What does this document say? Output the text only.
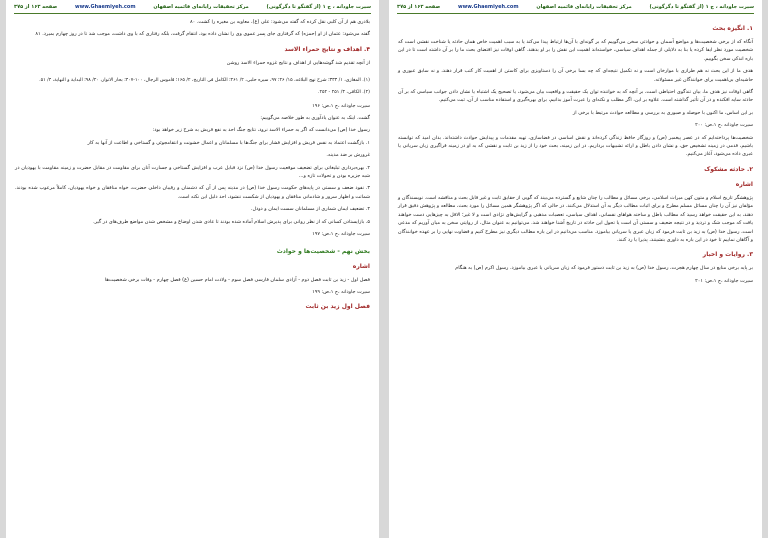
سیرت جاودانه ، ج ۱ (از گفتگو تا دگرگونی)
مرکز تحقیقات رایانه‌ای قائمیه اصفهان
www.Ghaemiyeh.com
صفحه ۱۶۳ از ۳۷۵
۱. انگیزه بحث

آنگاه که از برخی شخصیت‌ها و مواضع آسمان و حوادثی سخن می‌گوییم که بر گونه‌ای با آن‌ها ارتباط پیدا می‌کند یا به سبب اهمیت خاص همان حادثه یا شناخت نقشی است که شخصیت مورد نظر ایفا کرده یا بنا به دلایلی از جمله اهداف سیاسی، خواسته‌اند اهمیت این نقش را بر او بدهند. گاهی اوقات نیز اقتضای بحث ما را بر آن داشته است تا در این باره اندکی سخن بگوییم.

هدف ما از این بحث نه هم طرازی با موارخان است و نه تکمیل نتیجه‌ای که چه بسا برخی آن را دستاویزی برای کاستن از اهمیت کار کتب قرار دهند، و نه سابق عبوری و حاشیه‌ای بی‌اهمیت برای خوانندگان غیر مسئولانه.

گاهی اوقات نیز هدف ما، بیان تندگوی احتیاطی است، بر آنچه که به خواننده توان یک حقیقت و واقعیت بیان می‌شود، یا تصحیح یک اشتباه یا نشان دادن جوانب سیاسی که بر آن حادثه سایه افکنده و در آن تأثیر گذاشته است. علاوه بر این، اگر مطلب و نکته‌ای را عبرت آموز بدانیم، برای بهره‌گیری و استفاده مناسب از آن، ثبت می‌کنیم.

بر این اساس، ما اکنون با حوصله و صبوری به بررسی و مطالعه حوادث مرتبط با برخی از

سیرت جاودانه ،ج ۱،ص: ۲۰۰

شخصیت‌ها پرداخته‌ایم که در عصر پیغمبر (ص) و روزگار حافظ زندگی کرده‌اند و نقش اساسی در فضاسازی، تهیه مقدمات و پیدایش حوادث داشته‌اند. بدان امید که توانسته باشیم، قدمی در زمینه تشخیص حق، و نشان دادن باطل و ارائه تشبیهات برداریم. در این زمینه، بحث خود را از زید بن ثابت و نقشی که به او در زمینه فراگیری زبان سریانی یا عبری داده می‌شود، آغاز می‌کنیم.

۲. حادثه مشکوک
اشاره

پژوهشگر تاریخ اسلام و متون کهن میراث اسلامی، برخی مسائل و مطالب را چنان شایع و گسترده می‌بیند که گویی از حقایق ثابت و غیر قابل بحث و مناقشه است. نویسندگان و مؤلفان نیز آن را چنان مسائل مسلم مطرح و برای اثبات مطالب دیگر به آن استدلال می‌کنند. در حالی که اگر پژوهشگر همین مسائل را مورد بحث، مطالعه و پژوهش دقیق قرار دهند، به این حقیقت خواهد رسید که مطالب باطل و ساخته هواهای نفسانی، اهداف سیاسی، تعصبات مذهبی و گرایش‌های نژادی است و لا غیر؛ الاقل به چیزهایی دست خواهند یافت که موجب شک و تردید و در نتیجه ضعیف و سستی آن است یا تحول این حادثه در تاریخ آشنا خواهند شد. می‌توانیم به عنوان مثال، از روایتی سخن به میان آوریم که مدعی است، رسول خدا (ص) به زید بن ثابت فرمود که زبان عبری یا سریانی بیاموزد. مناسب می‌دانیم در این باره مطالب دیگری نیز مطرح کنیم و قضاوت نهایی را بر عهده خوانندگان و آگاهان نماییم تا خود در این باره به داوری بنشینند، پذیرا یا رد کنند.

۳. روایات و اخبار

بر پایه برخی منابع در سال چهارم هجرت، رسول خدا (ص) به زید بن ثابت دستور فرمود که زبان سریانی یا عبری بیاموزد. رسول اکرم (ص) به هنگام

سیرت جاودانه ،ج ۱،ص: ۲۰۱

سیرت جاودانه ، ج ۱ (از گفتگو تا دگرگونی)
مرکز تحقیقات رایانه‌ای قائمیه اصفهان
www.Ghaemiyeh.com
صفحه ۱۶۳ از ۳۷۵

بلاذری هم از آن کلبی نقل کرده که گفته می‌شود: علی (ع)، معاویه بن مغیره را کشت. ۸۰

گفته می‌شود: عثمان از او (حمزه) که گرفتاری جای پسر عموی وی را نشان داده بود، انتقام گرفت، بلکه رفتاری که با وی داشت، موجب شد تا در روز چهارم بمیرد. ۸۱

۴. اهداف و نتایج حمراء الاسد

از آنچه تقدیم شد گوشه‌هایی از اهداف و نتایج غزوه حمراء الاسد روشن

(۱). المغازی، ۱/ ۳۳۳؛ شرح نهج البلاغه، ۱۵/ ۴۶؛ ۹۷، سیره حلبی، ۲/ ۲۶۱؛ الکامل فی التاریخ، ۲/ ۱۶۵؛ قاموس الرجال، ۱۰۰-۴۰۷؛ بحار الانوار، ۲۰/ ۹۸؛ البدایة و النهایة، ۴/ ۵۱.

(۲). الکافی، ۳/ ۲۵۱ - ۲۵۲.

سیرت جاودانه ،ج ۱،ص: ۱۹۶

گشت. اینک به عنوان یادآوری به طور خلاصه می‌گوییم:

رسول خدا (ص) می‌دانست که اگر به حمراء الاسد نرود، نتایج جنگ احد به نفع قریش به شرح زیر خواهد بود:

۱. بازگشت اعتماد به نفس قریش و افزایش فشار برای جنگ‌ها با مسلمانان و اعمال خشونت و انتقامجوئی و گستاخی و اطاعت از آنها به کار

غرورش بر ضد مدینه.

۲. بهره‌برداری تبلیغاتی برای تضعیف موقعیت رسول خدا (ص) نزد قبایل عرب و افزایش گستاخی و جسارت آنان برای مقاومت در مقابل حضرت و زمینه مقاومت با یهودیان در شبه جزیره بودن و تحولات تازه و...

۳. نفوذ ضعف و سستی در پایه‌های حکومت رسول خدا (ص) در مدینه پس از آن که دشمنان و رقیبان داخلی حضرت، خواه منافقان و خواه یهودیان، کاملاً مرعوب شده بودند. شماتت و اظهار سرور و شادمانی منافقان و یهودیان از شکست ننشود، احد دلیل این نکته است.

۴. تضعیف ایمان شماری از مسلمانان سست ایمان و دودل.

۵. بازایستادن کسانی که از نظر روانی برای پذیرش اسلام آماده شده بودند تا عادی شدن اوضاع و مشخص شدن مواضع طرف‌های در گیر.

سیرت جاودانه ،ج ۱،ص: ۱۹۷

بخش نهم - شخصیت‌ها و حوادث
اشاره

فصل اول - زید بن ثابت فصل دوم - آزادی سلمان فارسی فصل سوم - ولادت امام حسین (ع) فصل چهارم - وفات برخی شخصیت‌ها

سیرت جاودانه ،ج ۱،ص: ۱۹۹

فصل اول زید بن ثابت
